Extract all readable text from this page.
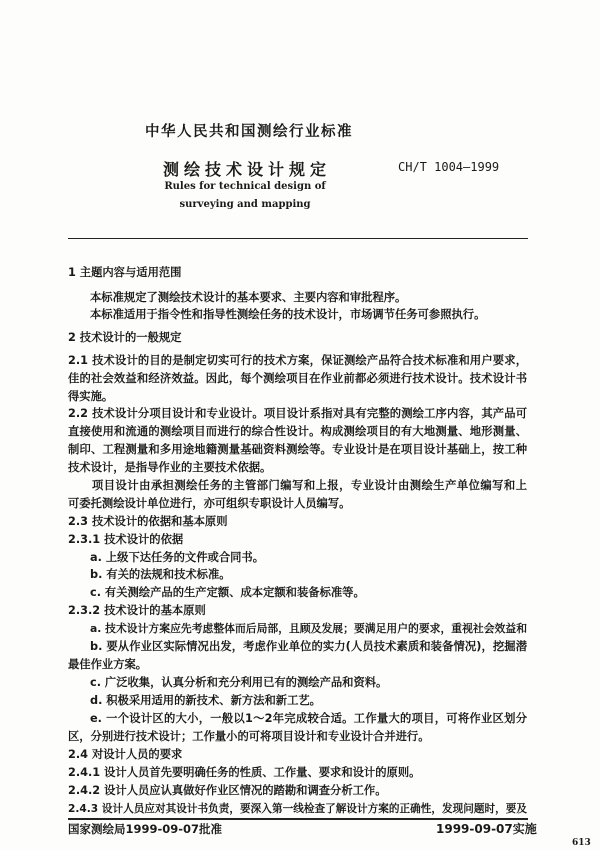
中华人民共和国测绘行业标准
测绘技术设计规定	CH/T 1004—1999
Rules for technical design of
surveying and mapping
1 主题内容与适用范围
本标准规定了测绘技术设计的基本要求、主要内容和审批程序。
本标准适用于指令性和指导性测绘任务的技术设计，市场调节任务可参照执行。
2 技术设计的一般规定
2.1 技术设计的目的是制定切实可行的技术方案，保证测绘产品符合技术标准和用户要求，
佳的社会效益和经济效益。因此，每个测绘项目在作业前都必须进行技术设计。技术设计书
得实施。
2.2 技术设计分项目设计和专业设计。项目设计系指对具有完整的测绘工序内容，其产品可
直接使用和流通的测绘项目而进行的综合性设计。构成测绘项目的有大地测量、地形测量、
制印、工程测量和多用途地籍测量基础资料测绘等。专业设计是在项目设计基础上，按工种
技术设计，是指导作业的主要技术依据。
项目设计由承担测绘任务的主管部门编写和上报，专业设计由测绘生产单位编写和上
可委托测绘设计单位进行，亦可组织专职设计人员编写。
2.3 技术设计的依据和基本原则
2.3.1 技术设计的依据
a. 上级下达任务的文件或合同书。
b. 有关的法规和技术标准。
c. 有关测绘产品的生产定额、成本定额和装备标准等。
2.3.2 技术设计的基本原则
a. 技术设计方案应先考虑整体而后局部，且顾及发展；要满足用户的要求，重视社会效益和
b. 要从作业区实际情况出发，考虑作业单位的实力(人员技术素质和装备情况)，挖掘潜
最佳作业方案。
c. 广泛收集，认真分析和充分利用已有的测绘产品和资料。
d. 积极采用适用的新技术、新方法和新工艺。
e. 一个设计区的大小，一般以1～2年完成较合适。工作量大的项目，可将作业区划分
区，分别进行技术设计；工作量小的可将项目设计和专业设计合并进行。
2.4 对设计人员的要求
2.4.1 设计人员首先要明确任务的性质、工作量、要求和设计的原则。
2.4.2 设计人员应认真做好作业区情况的踏勘和调查分析工作。
2.4.3 设计人员应对其设计书负责，要深入第一线检查了解设计方案的正确性，发现问题时，要及
国家测绘局1999-09-07批准	1999-09-07实施
613
